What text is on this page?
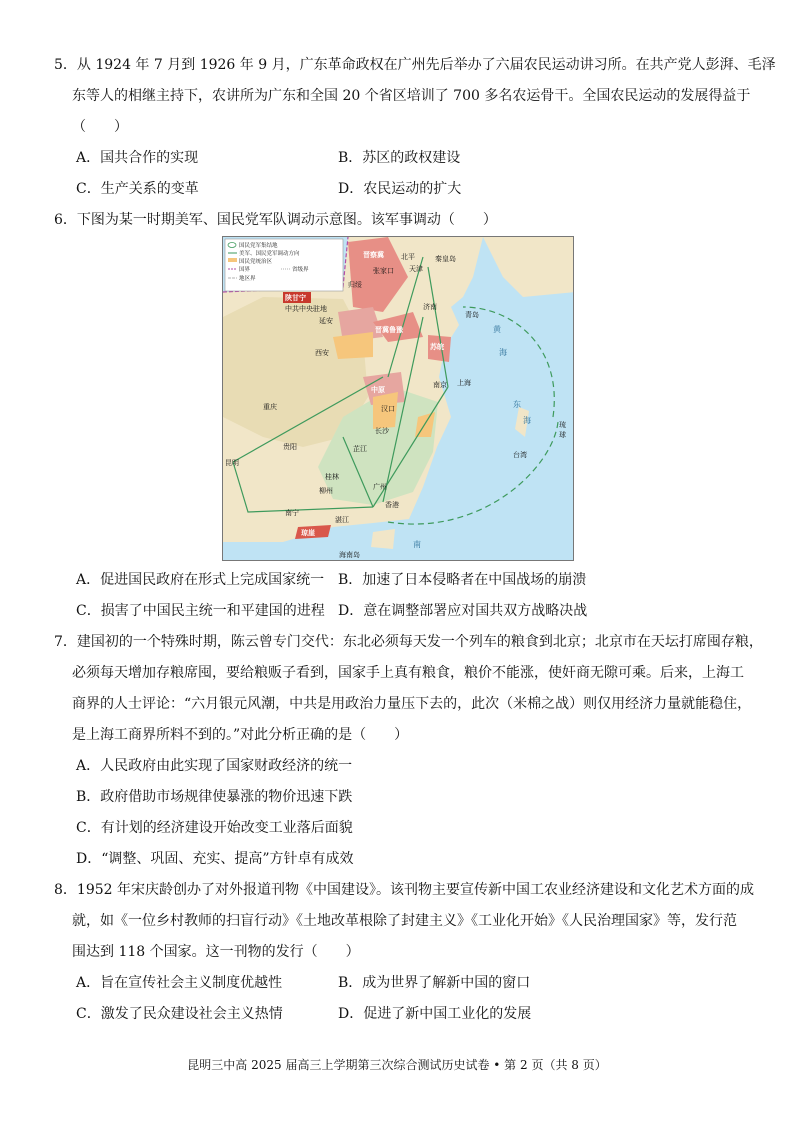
5．从 1924 年 7 月到 1926 年 9 月，广东革命政权在广州先后举办了六届农民运动讲习所。在共产党人彭湃、毛泽
东等人的相继主持下，农讲所为广东和全国 20 个省区培训了 700 多名农运骨干。全国农民运动的发展得益于
（　　）
A．国共合作的实现	B．苏区的政权建设
C．生产关系的变革	D．农民运动的扩大
6．下图为某一时期美军、国民党军队调动示意图。该军事调动（　　）
国民党军集结地
美军、国民党军调动方向
国民党统治区
国界	省级界
地区界
陕甘宁
中共中央驻地
晋察冀
晋冀鲁豫
苏皖
中原
琼崖
北平
天津
秦皇岛
张家口
归绥
延安
西安
济南
青岛
南京 上海
汉口
长沙
重庆
贵阳
昆明
桂林
柳州
南宁
广州
香港
湛江
海南岛
台湾
芷江
黄
海
东
海
南
琉
球
A．促进国民政府在形式上完成国家统一 B．加速了日本侵略者在中国战场的崩溃
C．损害了中国民主统一和平建国的进程 D．意在调整部署应对国共双方战略决战
7．建国初的一个特殊时期，陈云曾专门交代：东北必须每天发一个列车的粮食到北京；北京市在天坛打席囤存粮，
必须每天增加存粮席囤，要给粮贩子看到，国家手上真有粮食，粮价不能涨，使奸商无隙可乘。后来，上海工
商界的人士评论：“六月银元风潮，中共是用政治力量压下去的，此次（米棉之战）则仅用经济力量就能稳住，
是上海工商界所料不到的。”对此分析正确的是（　　）
A．人民政府由此实现了国家财政经济的统一
B．政府借助市场规律使暴涨的物价迅速下跌
C．有计划的经济建设开始改变工业落后面貌
D．“调整、巩固、充实、提高”方针卓有成效
8．1952 年宋庆龄创办了对外报道刊物《中国建设》。该刊物主要宣传新中国工农业经济建设和文化艺术方面的成
就，如《一位乡村教师的扫盲行动》《土地改革根除了封建主义》《工业化开始》《人民治理国家》等，发行范
围达到 118 个国家。这一刊物的发行（　　）
A．旨在宣传社会主义制度优越性	B．成为世界了解新中国的窗口
C．激发了民众建设社会主义热情	D．促进了新中国工业化的发展
昆明三中高 2025 届高三上学期第三次综合测试历史试卷 • 第 2 页（共 8 页）
